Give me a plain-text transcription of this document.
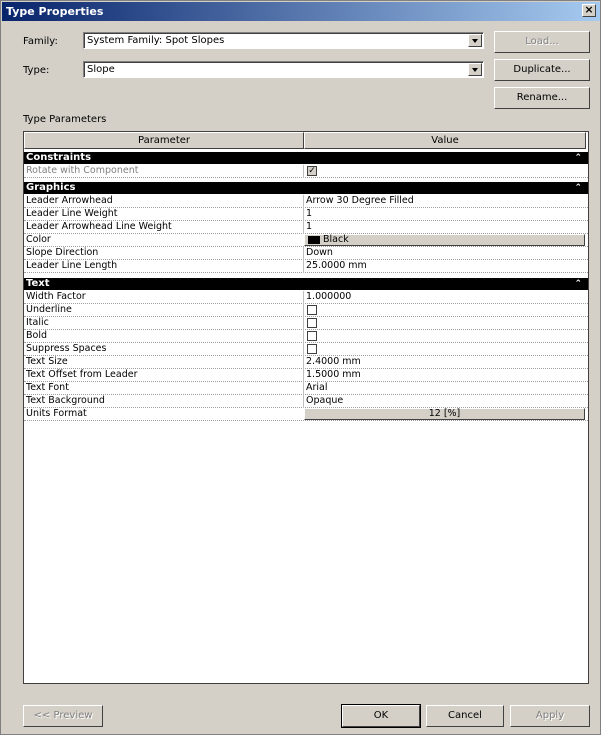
Type Properties	×
Family:	System Family: Spot Slopes	Load...
Type:	Slope	Duplicate...
Rename...
Type Parameters
Parameter	Value
Constraints	⌃
Rotate with Component	✓
Graphics	⌃
Leader Arrowhead	Arrow 30 Degree Filled
Leader Line Weight	1
Leader Arrowhead Line Weight	1
Color	Black
Slope Direction	Down
Leader Line Length	25.0000 mm
Text	⌃
Width Factor	1.000000
Underline
Italic
Bold
Suppress Spaces
Text Size	2.4000 mm
Text Offset from Leader	1.5000 mm
Text Font	Arial
Text Background	Opaque
Units Format	12 [%]
<< Preview	OK	Cancel	Apply
